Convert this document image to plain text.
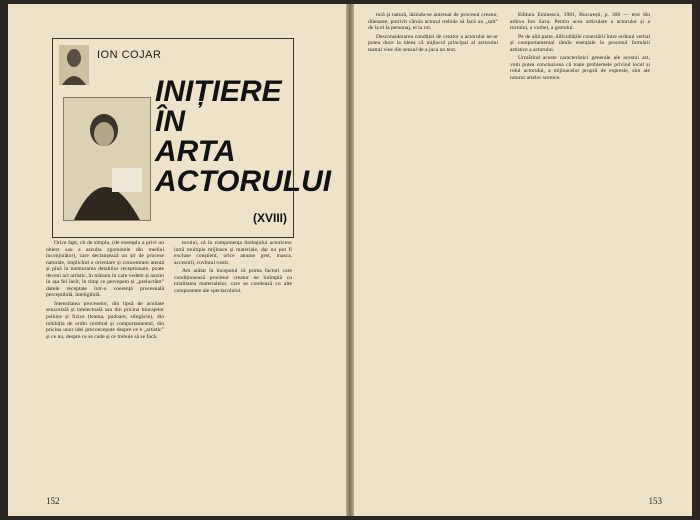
ION COJAR
INIȚIERE
ÎN
ARTA
ACTORULUI
(XVIII)

Orice fapt, cît de simplu, (de exemplu a privi un obiect sau a asculta zgomotele din mediul înconjurător), care declanșează un șir de procese naturale, implicînd o orientare și concentrare atentă și pînă la memorarea detaliilor receptionate, poate deveni act artistic, în măsura în care vedem și auzim în așa fel încît, în timp ce percepem și „prelucrăm” datele receptate într-o coerență procesuală perceptibilă, inteligibilă.

Intensitatea proceselor, din lipsă de acuitate senzorială și intelectuală sau din pricina blocajelor psihice și fizice (teama, pudoare, stîngăcie), din inhibiția de ordin cerebral și comportamental, din pricina unor idei preconcepute despre ce e „artistic” și ce nu, despre ce se cade și ce trebuie să se facă.

torului, că în componența limbajului actoricesc intră multiple mijloace și materiale, dar nu pot fi excluse conștient, orice anume gest, masca, accesorii, cuvîntul rostit.

Am arătat în începutul că prima factori care condiționează procesul creator ne întîmplă cu totalitatea materialelor, care se corelează cu alte componente ale spectacolului.

152

tură și natură, lăsîndu-se antrenat de procesul creator, diletante, potrivit căruia actorul trebuie să facă un „salt” de la el la personaj, el la rol.

Desconsiderarea condiției de creator a actorului ne-ar putea duce la ideea că mijlocul principal al actorului teatral vine din sensul de a juca un text.

Editura Eminescu, 1981, București, p. 300 — text din arhiva Ion Sava. Pentru acea articulare a actorului și a textului, a vorbei, a gestului.

Pe de altă parte, dificultățile conectării între ordinul verbal și comportamental rămîn esențiale în procesul formării artistice a actorului.

Urmărind aceste caracteristici generale ale acestui act, vom putea concluziona că toate problemele privind locul și rolul actorului, a mijloacelor proprii de expresie, sînt ale tuturor artelor scenice.

153
